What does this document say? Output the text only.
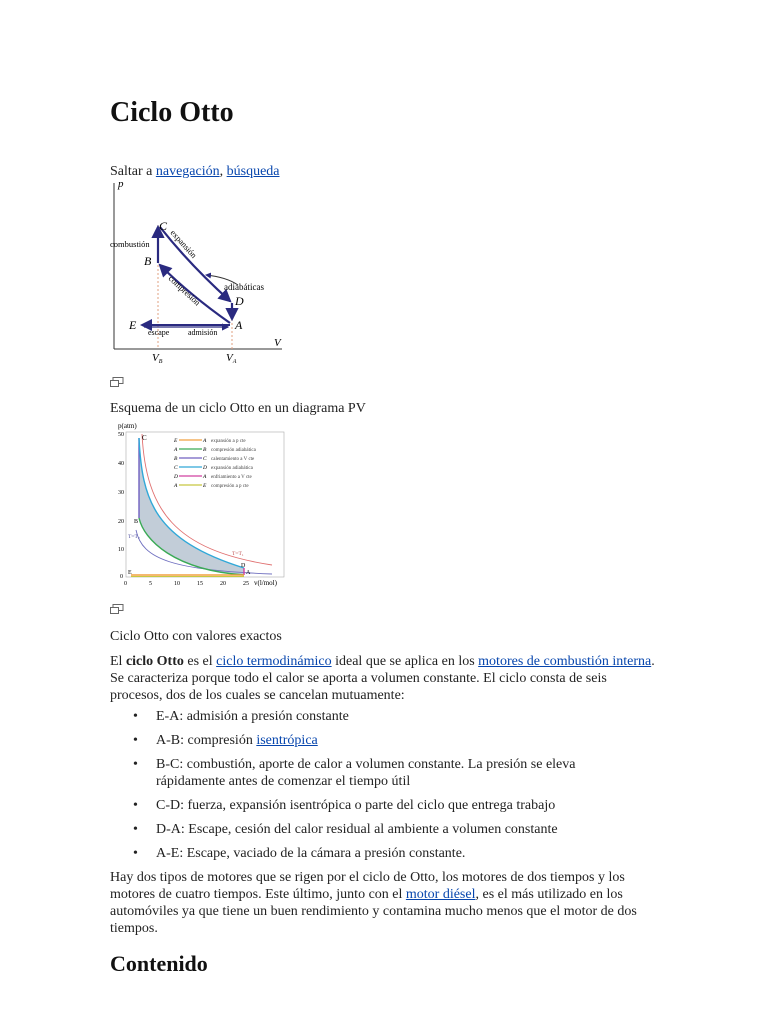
Ciclo Otto
Saltar a navegación, búsqueda
p
V
C
B
D
A
E
combustión expansión
compresión adiabáticas
escape admisión
VB	VA
Esquema de un ciclo Otto en un diagrama PV
p(atm)
50
40
30
20
10
0
0	5	10	15	20	25 v(l/mol)
C
B
D
A
E
T=T₁
T=T₂
E	A expansión a p cte
A	B compresión adiabática
B	C calentamiento a V cte
C	D expansión adiabática
D	A enfriamiento a V cte
A	E compresión a p cte
Ciclo Otto con valores exactos
El ciclo Otto es el ciclo termodinámico ideal que se aplica en los motores de combustión interna. Se caracteriza porque todo el calor se aporta a volumen constante. El ciclo consta de seis procesos, dos de los cuales se cancelan mutuamente:
• E-A: admisión a presión constante
• A-B: compresión isentrópica
• B-C: combustión, aporte de calor a volumen constante. La presión se eleva rápidamente antes de comenzar el tiempo útil
• C-D: fuerza, expansión isentrópica o parte del ciclo que entrega trabajo
• D-A: Escape, cesión del calor residual al ambiente a volumen constante
• A-E: Escape, vaciado de la cámara a presión constante.
Hay dos tipos de motores que se rigen por el ciclo de Otto, los motores de dos tiempos y los motores de cuatro tiempos. Este último, junto con el motor diésel, es el más utilizado en los automóviles ya que tiene un buen rendimiento y contamina mucho menos que el motor de dos tiempos.
Contenido
